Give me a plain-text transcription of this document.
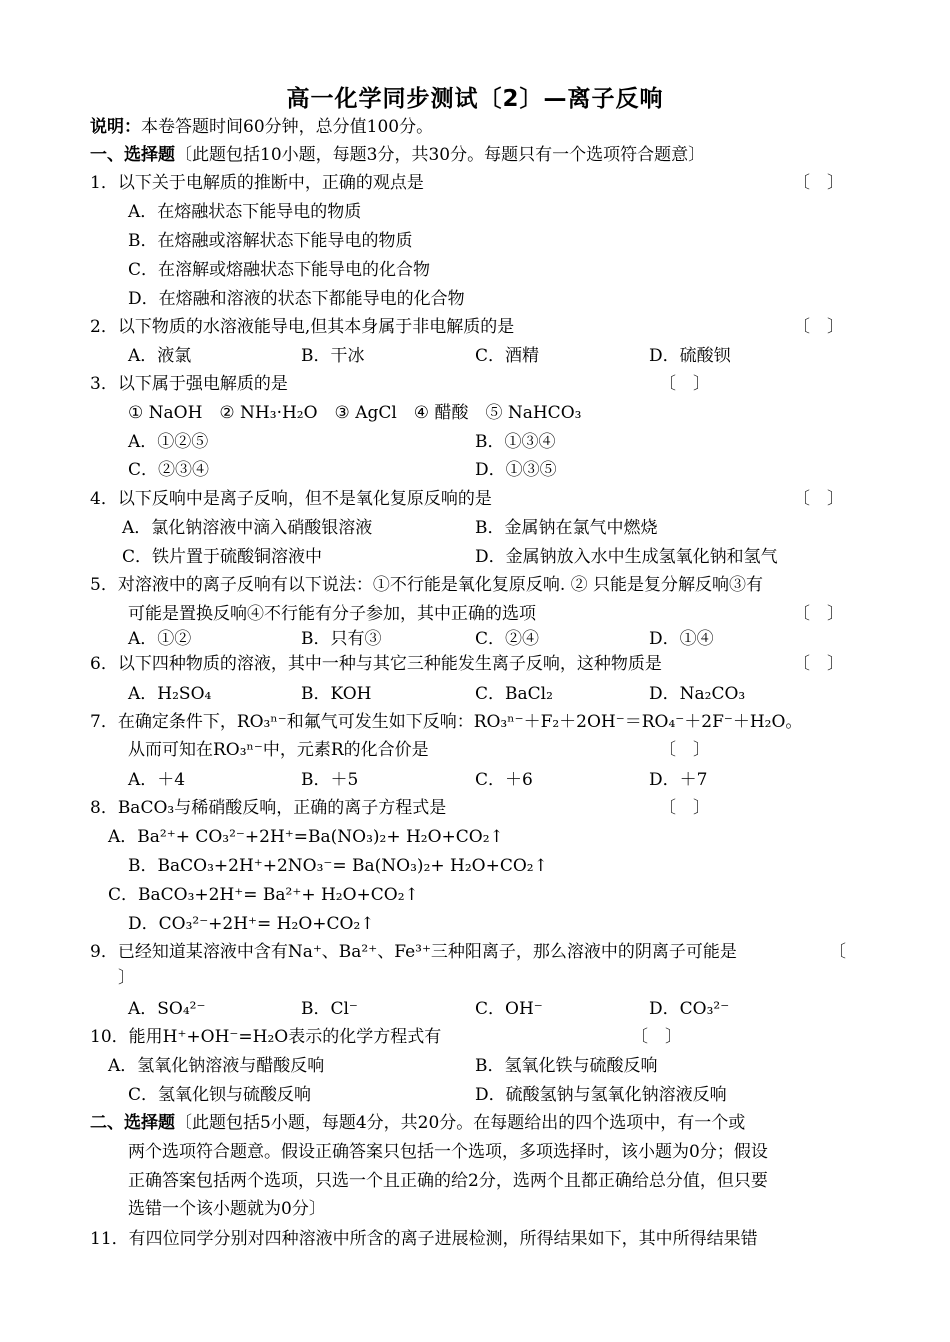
高一化学同步测试〔2〕—离子反响
说明：本卷答题时间60分钟，总分值100分。
一、选择题〔此题包括10小题，每题3分，共30分。每题只有一个选项符合题意〕
1．以下关于电解质的推断中，正确的观点是	〔　〕
A．在熔融状态下能导电的物质
B．在熔融或溶解状态下能导电的物质
C．在溶解或熔融状态下能导电的化合物
D．在熔融和溶液的状态下都能导电的化合物
2．以下物质的水溶液能导电,但其本身属于非电解质的是	〔　〕
A．液氯	B．干冰	C．酒精	D．硫酸钡
3．以下属于强电解质的是	〔　〕
① NaOH　② NH₃·H₂O　③ AgCl　④ 醋酸　⑤ NaHCO₃
A．①②⑤	B．①③④
C．②③④	D．①③⑤
4．以下反响中是离子反响，但不是氧化复原反响的是	〔　〕
A．氯化钠溶液中滴入硝酸银溶液	B．金属钠在氯气中燃烧
C．铁片置于硫酸铜溶液中	D．金属钠放入水中生成氢氧化钠和氢气
5．对溶液中的离子反响有以下说法：①不行能是氧化复原反响. ② 只能是复分解反响③有
可能是置换反响④不行能有分子参加，其中正确的选项	〔　〕
A．①②	B．只有③	C．②④	D．①④
6．以下四种物质的溶液，其中一种与其它三种能发生离子反响，这种物质是	〔　〕
A．H₂SO₄	B．KOH	C．BaCl₂	D．Na₂CO₃
7．在确定条件下，RO₃ⁿ⁻和氟气可发生如下反响：RO₃ⁿ⁻＋F₂＋2OH⁻＝RO₄⁻＋2F⁻＋H₂O。
从而可知在RO₃ⁿ⁻中，元素R的化合价是	〔　〕
A．＋4	B．＋5	C．＋6	D．＋7
8．BaCO₃与稀硝酸反响，正确的离子方程式是	〔　〕
A．Ba²⁺+ CO₃²⁻+2H⁺=Ba(NO₃)₂+ H₂O+CO₂↑
B．BaCO₃+2H⁺+2NO₃⁻= Ba(NO₃)₂+ H₂O+CO₂↑
C．BaCO₃+2H⁺= Ba²⁺+ H₂O+CO₂↑
D．CO₃²⁻+2H⁺= H₂O+CO₂↑
9．已经知道某溶液中含有Na⁺、Ba²⁺、Fe³⁺三种阳离子，那么溶液中的阴离子可能是	〔
〕
A．SO₄²⁻	B．Cl⁻	C．OH⁻	D．CO₃²⁻
10．能用H⁺+OH⁻=H₂O表示的化学方程式有	〔　〕
A．氢氧化钠溶液与醋酸反响	B．氢氧化铁与硫酸反响
C．氢氧化钡与硫酸反响	D．硫酸氢钠与氢氧化钠溶液反响
二、选择题〔此题包括5小题，每题4分，共20分。在每题给出的四个选项中，有一个或
两个选项符合题意。假设正确答案只包括一个选项，多项选择时，该小题为0分；假设
正确答案包括两个选项，只选一个且正确的给2分，选两个且都正确给总分值，但只要
选错一个该小题就为0分〕
11．有四位同学分别对四种溶液中所含的离子进展检测，所得结果如下，其中所得结果错
